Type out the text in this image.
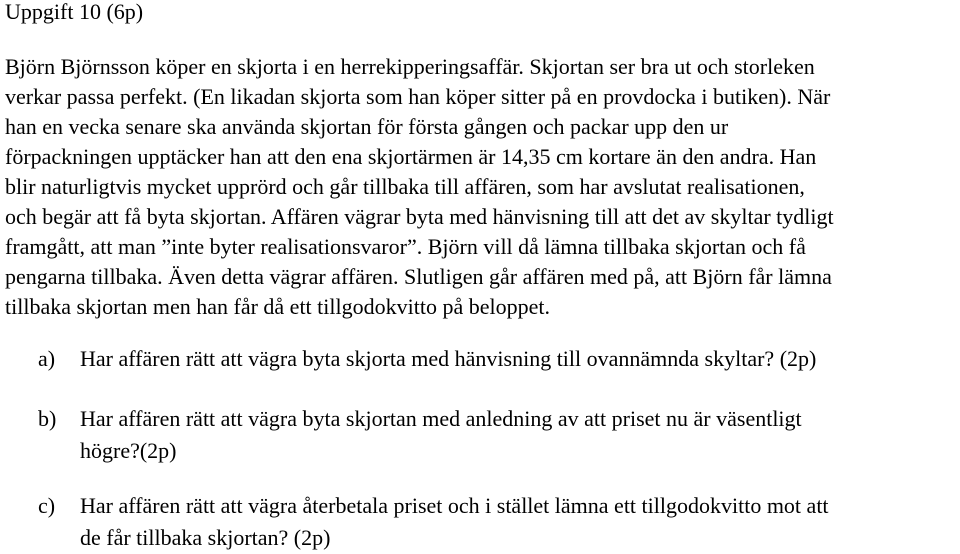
Uppgift 10 (6p)
Björn Björnsson köper en skjorta i en herrekipperingsaffär. Skjortan ser bra ut och storleken
verkar passa perfekt. (En likadan skjorta som han köper sitter på en provdocka i butiken). När
han en vecka senare ska använda skjortan för första gången och packar upp den ur
förpackningen upptäcker han att den ena skjortärmen är 14,35 cm kortare än den andra. Han
blir naturligtvis mycket upprörd och går tillbaka till affären, som har avslutat realisationen,
och begär att få byta skjortan. Affären vägrar byta med hänvisning till att det av skyltar tydligt
framgått, att man ”inte byter realisationsvaror”. Björn vill då lämna tillbaka skjortan och få
pengarna tillbaka. Även detta vägrar affären. Slutligen går affären med på, att Björn får lämna
tillbaka skjortan men han får då ett tillgodokvitto på beloppet.
a) Har affären rätt att vägra byta skjorta med hänvisning till ovannämnda skyltar? (2p)
b) Har affären rätt att vägra byta skjortan med anledning av att priset nu är väsentligt
högre?(2p)
c) Har affären rätt att vägra återbetala priset och i stället lämna ett tillgodokvitto mot att
de får tillbaka skjortan? (2p)
